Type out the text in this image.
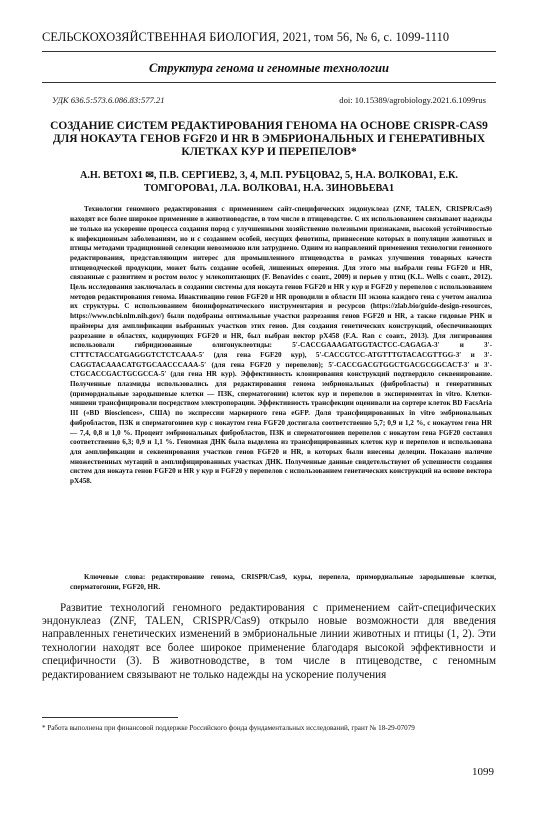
СЕЛЬСКОХОЗЯЙСТВЕННАЯ БИОЛОГИЯ, 2021, том 56, № 6, с. 1099-1110
Структура генома и геномные технологии
УДК 636.5:573.6.086.83:577.21	doi: 10.15389/agrobiology.2021.6.1099rus
СОЗДАНИЕ СИСТЕМ РЕДАКТИРОВАНИЯ ГЕНОМА НА ОСНОВЕ CRISPR-CAS9 ДЛЯ НОКАУТА ГЕНОВ FGF20 И HR В ЭМБРИОНАЛЬНЫХ И ГЕНЕРАТИВНЫХ КЛЕТКАХ КУР И ПЕРЕПЕЛОВ*
А.Н. ВЕТОХ1 ✉, П.В. СЕРГИЕВ2, 3, 4, М.П. РУБЦОВА2, 5, Н.А. ВОЛКОВА1, Е.К. ТОМГОРОВА1, Л.А. ВОЛКОВА1, Н.А. ЗИНОВЬЕВА1
Технологии геномного редактирования с применением сайт-специфических эндонуклеаз (ZNF, TALEN, CRISPR/Cas9) находят все более широкое применение в животноводстве, в том числе в птицеводстве. С их использованием связывают надежды не только на ускорение процесса создания пород с улучшенными хозяйственно полезными признаками, высокой устойчивостью к инфекционным заболеваниям, но и с созданием особей, несущих фенотипы, привнесение которых в популяции животных и птицы методами традиционной селекции невозможно или затруднено. Одним из направлений применения технологии геномного редактирования, представляющим интерес для промышленного птицеводства в рамках улучшения товарных качеств птицеводческой продукции, может быть создание особей, лишенных оперения. Для этого мы выбрали гены FGF20 и HR, связанные с развитием и ростом волос у млекопитающих (F. Benavides с соавт., 2009) и перьев у птиц (K.L. Wells с соавт., 2012). Цель исследования заключалась в создании системы для нокаута генов FGF20 и HR у кур и FGF20 у перепелов с использованием методов редактирования генома. Инактивацию генов FGF20 и HR проводили в области III экзона каждого гена с учетом анализа их структуры. С использованием биоинформатического инструментария и ресурсов (https://zlab.bio/guide-design-resources, https://www.ncbi.nlm.nih.gov/) были подобраны оптимальные участки разрезания генов FGF20 и HR, а также гидовые РНК и праймеры для амплификации выбранных участков этих генов. Для создания генетических конструкций, обеспечивающих разрезание в областях, кодирующих FGF20 и HR, был выбран вектор pX458 (F.A. Ran с соавт., 2013). Для лигирования использовали гибридизованные олигонуклеотиды: 5′-CACCGAAAGATGGTACTCC-CAGAGA-3′ и 3′-CTTTCTACCATGAGGGTCTCTCAAA-5′ (для гена FGF20 кур), 5′-CACCGTCC-ATGTTTGTACACGTTGG-3′ и 3′-CAGGTACAAACATGTGCAACCCAAA-5′ (для гена FGF20 у перепелов); 5′-CACCGACGTGGCTGACGCGGCACT-3′ и 3′-CTGCACCGACTGCGCCA-5′ (для гена HR кур). Эффективность клонирования конструкций подтвердило секвенирование. Полученные плазмиды использовались для редактирования генома эмбриональных (фибробласты) и генеративных (примордиальные зародышевые клетки — ПЗК, сперматогонии) клеток кур и перепелов в экспериментах in vitro. Клетки-мишени трансфицировали посредством электропорации. Эффективность трансфекции оценивали на сортере клеток BD FacsAria III («BD Biosciences», США) по экспрессии маркерного гена eGFP. Доля трансфицированных in vitro эмбриональных фибробластов, ПЗК и сперматогониев кур с нокаутом гена FGF20 достигала соответственно 5,7; 0,9 и 1,2 %, с нокаутом гена HR — 7,4, 0,8 и 1,0 %. Процент эмбриональных фибробластов, ПЗК и сперматогониев перепелов с нокаутом гена FGF20 составил соответственно 6,3; 0,9 и 1,1 %. Геномная ДНК была выделена из трансфицированных клеток кур и перепелов и использована для амплификации и секвенирования участков генов FGF20 и HR, в которых были внесены делеции. Показано наличие множественных мутаций в амплифицированных участках ДНК. Полученные данные свидетельствуют об успешности создания систем для нокаута генов FGF20 и HR у кур и FGF20 у перепелов с использованием генетических конструкций на основе вектора pX458.
Ключевые слова: редактирование генома, CRISPR/Cas9, куры, перепела, примордиальные зародышевые клетки, сперматогонии, FGF20, HR.
Развитие технологий геномного редактирования с применением сайт-специфических эндонуклеаз (ZNF, TALEN, CRISPR/Cas9) открыло новые возможности для введения направленных генетических изменений в эмбриональные линии животных и птицы (1, 2). Эти технологии находят все более широкое применение благодаря высокой эффективности и специфичности (3). В животноводстве, в том числе в птицеводстве, с геномным редактированием связывают не только надежды на ускорение получения
* Работа выполнена при финансовой поддержке Российского фонда фундаментальных исследований, грант № 18-29-07079
1099
